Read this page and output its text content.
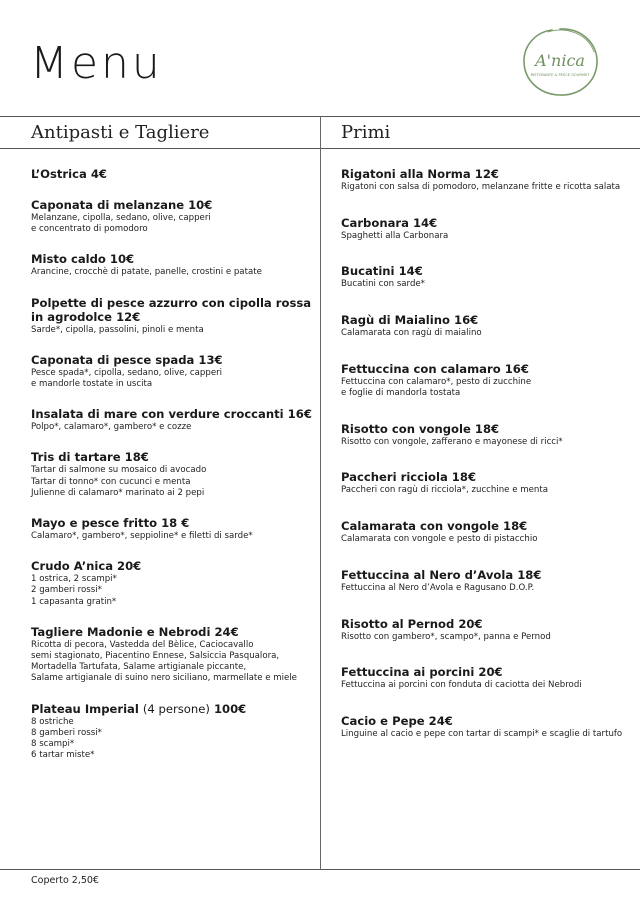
Menu	A'nica
RISTORANTE & PESCE GOURMET
Antipasti e Tagliere	Primi
L’Ostrica 4€
Caponata di melanzane 10€
Melanzane, cipolla, sedano, olive, capperi
e concentrato di pomodoro
Misto caldo 10€
Arancine, crocchè di patate, panelle, crostini e patate
Polpette di pesce azzurro con cipolla rossa in agrodolce 12€
Sarde*, cipolla, passolini, pinoli e menta
Caponata di pesce spada 13€
Pesce spada*, cipolla, sedano, olive, capperi
e mandorle tostate in uscita
Insalata di mare con verdure croccanti 16€
Polpo*, calamaro*, gambero* e cozze
Tris di tartare 18€
Tartar di salmone su mosaico di avocado
Tartar di tonno* con cucunci e menta
Julienne di calamaro* marinato ai 2 pepi
Mayo e pesce fritto 18 €
Calamaro*, gambero*, seppioline* e filetti di sarde*
Crudo A’nica 20€
1 ostrica, 2 scampi*
2 gamberi rossi*
1 capasanta gratin*
Tagliere Madonie e Nebrodi 24€
Ricotta di pecora, Vastedda del Bèlice, Caciocavallo
semi stagionato, Piacentino Ennese, Salsiccia Pasqualora,
Mortadella Tartufata, Salame artigianale piccante,
Salame artigianale di suino nero siciliano, marmellate e miele
Plateau Imperial (4 persone) 100€
8 ostriche
8 gamberi rossi*
8 scampi*
6 tartar miste*
Rigatoni alla Norma 12€
Rigatoni con salsa di pomodoro, melanzane fritte e ricotta salata
Carbonara 14€
Spaghetti alla Carbonara
Bucatini 14€
Bucatini con sarde*
Ragù di Maialino 16€
Calamarata con ragù di maialino
Fettuccina con calamaro 16€
Fettuccina con calamaro*, pesto di zucchine
e foglie di mandorla tostata
Risotto con vongole 18€
Risotto con vongole, zafferano e mayonese di ricci*
Paccheri ricciola 18€
Paccheri con ragù di ricciola*, zucchine e menta
Calamarata con vongole 18€
Calamarata con vongole e pesto di pistacchio
Fettuccina al Nero d’Avola 18€
Fettuccina al Nero d’Avola e Ragusano D.O.P.
Risotto al Pernod 20€
Risotto con gambero*, scampo*, panna e Pernod
Fettuccina ai porcini 20€
Fettuccina ai porcini con fonduta di caciotta dei Nebrodi
Cacio e Pepe 24€
Linguine al cacio e pepe con tartar di scampi* e scaglie di tartufo
Coperto 2,50€
